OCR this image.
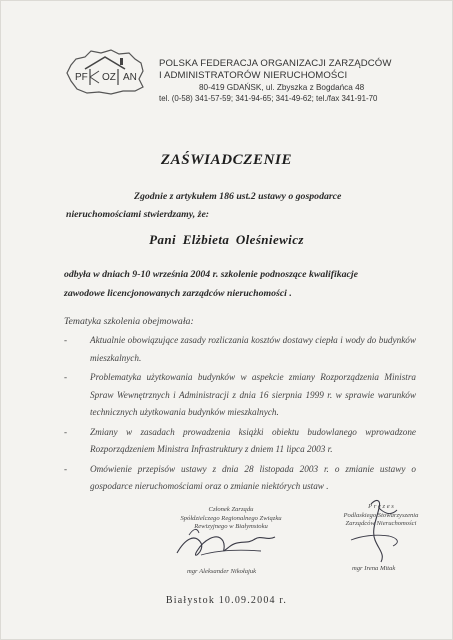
PF OZ AN
POLSKA FEDERACJA ORGANIZACJI ZARZĄDCÓW
I ADMINISTRATORÓW NIERUCHOMOŚCI
80-419 GDAŃSK, ul. Zbyszka z Bogdańca 48
tel. (0-58) 341-57-59; 341-94-65; 341-49-62; tel./fax 341-91-70
ZAŚWIADCZENIE
Zgodnie z artykułem 186 ust.2 ustawy o gospodarce
nieruchomościami stwierdzamy, że:
Pani Elżbieta Oleśniewicz
odbyła w dniach 9-10 września 2004 r. szkolenie podnoszące kwalifikacje
zawodowe licencjonowanych zarządców nieruchomości .
Tematyka szkolenia obejmowała:
- Aktualnie obowiązujące zasady rozliczania kosztów dostawy ciepła i wody do budynków mieszkalnych.
- Problematyka użytkowania budynków w aspekcie zmiany Rozporządzenia Ministra Spraw Wewnętrznych i Administracji z dnia 16 sierpnia 1999 r. w sprawie warunków technicznych użytkowania budynków mieszkalnych.
- Zmiany w zasadach prowadzenia książki obiektu budowlanego wprowadzone Rozporządzeniem Ministra Infrastruktury z dniem 11 lipca 2003 r.
- Omówienie przepisów ustawy z dnia 28 listopada 2003 r. o zmianie ustawy o gospodarce nieruchomościami oraz o zmianie niektórych ustaw .
Członek Zarządu
Spółdzielczego Regionalnego Związku
Rewizyjnego w Białymstoku
mgr Aleksander Nikołajuk
P r e z e s
Podlaskiego Stowarzyszenia
Zarządców Nieruchomości
mgr Irena Mitak
Białystok 10.09.2004 r.
